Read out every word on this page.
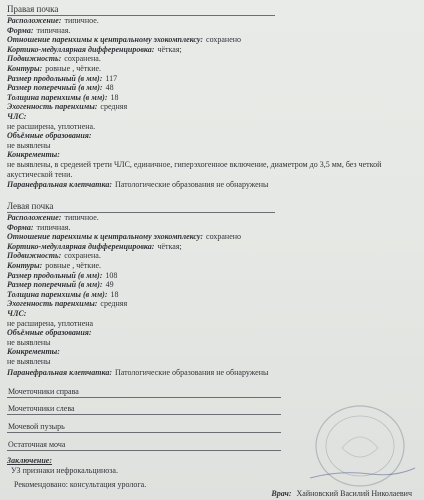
Правая почка
Расположение: типичное.
Форма: типичная.
Отношение паренхимы к центральному эхокомплексу: сохранено
Кортико-медуллярная дифференцировка: чёткая;
Подвижность: сохранена.
Контуры: ровные , чёткие.
Размер продольный (в мм): 117
Размер поперечный (в мм): 48
Толщина паренхимы (в мм): 18
Эхогенность паренхимы: средняя
ЧЛС:
не расширена, уплотнена.
Объёмные образования:
не выявлены
Конкременты:
не выявлены, в средеией трети ЧЛС, единичное, гиперэхогенное включение, диаметром до 3,5 мм, без четкой акустической тени.
Паранефральная клетчатка: Патологические образования не обнаружены
Левая почка
Расположение: типичное.
Форма: типичная.
Отношение паренхимы к центральному эхокомплексу: сохранено
Кортико-медуллярная дифференцировка: чёткая;
Подвижность: сохранена.
Контуры: ровные , чёткие.
Размер продольный (в мм): 108
Размер поперечный (в мм): 49
Толщина паренхимы (в мм): 18
Эхогенность паренхимы: средняя
ЧЛС:
не расширена, уплотнена
Объёмные образования:
не выявлены
Конкременты:
не выявлены
Паранефральная клетчатка: Патологические образования не обнаружены
Мочеточники справа
Мочеточники слева
Мочевой пузырь
Остаточная моча
Заключение:
УЗ признаки нефрокальциноза.
Рекомендовано: консультация уролога.
Врач: Хайновский Василий Николаевич
